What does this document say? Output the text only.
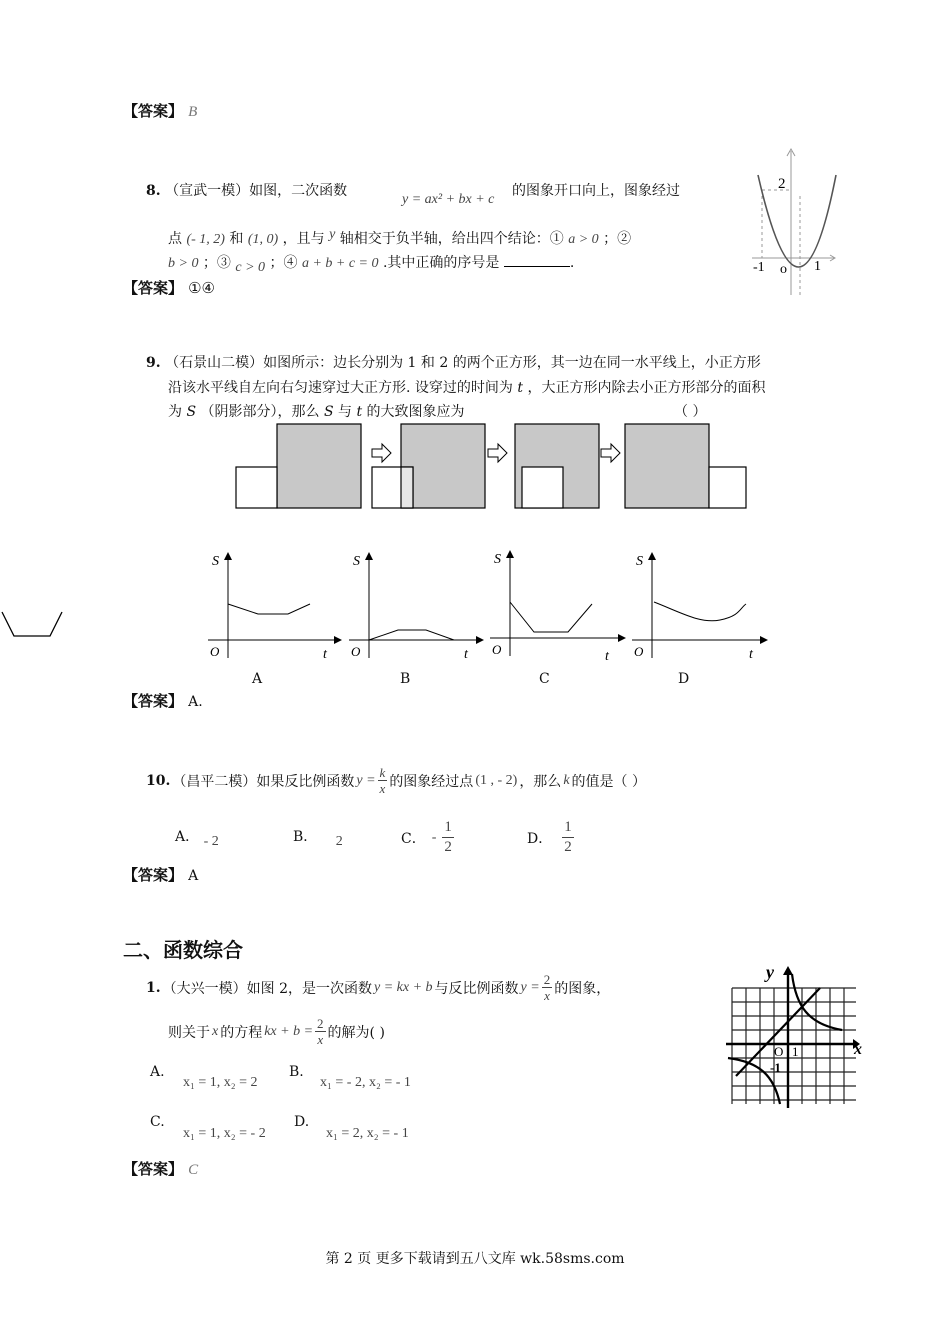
【答案】 B
8. （宣武一模）如图，二次函数
y = ax² + bx + c
的图象开口向上，图象经过
点 (- 1, 2) 和 (1, 0) ，且与 y 轴相交于负半轴，给出四个结论：① a > 0 ；②
b > 0 ；③ c > 0 ；④ a + b + c = 0 .其中正确的序号是	.
【答案】 ①④
2
-1 o 1
9. （石景山二模）如图所示：边长分别为 1 和 2 的两个正方形，其一边在同一水平线上，小正方形
沿该水平线自左向右匀速穿过大正方形. 设穿过的时间为 t ，大正方形内除去小正方形部分的面积
为 S （阴影部分），那么 S 与 t 的大致图象应为	（ ）
S
O	t
S
O	t
S
O	t
S
O	t
A	B	C	D
【答案】 A.
10. （昌平二模）如果反比例函数 $y = \frac{k}{x}$ 的图象经过点 (1 , - 2) ，那么 k 的值是（ ）
A． - 2	B． 2	C． - $\frac{1}{2}$	D． $\frac{1}{2}$
【答案】 A
二、函数综合
1. （大兴一模）如图 2，是一次函数 y = kx + b 与反比例函数 $y = \frac{2}{x}$ 的图象，
则关于 x 的方程 kx + $b = \frac{2}{x}$ 的解为( )
A.
x₁ = 1, x₂ = 2
B.
x₁ = - 2, x₂ = - 1
C.
x₁ = 1, x₂ = - 2
D.
x₁ = 2, x₂ = - 1
y
x
O 1
-1
【答案】 C
第 2 页 更多下载请到五八文库 wk.58sms.com
